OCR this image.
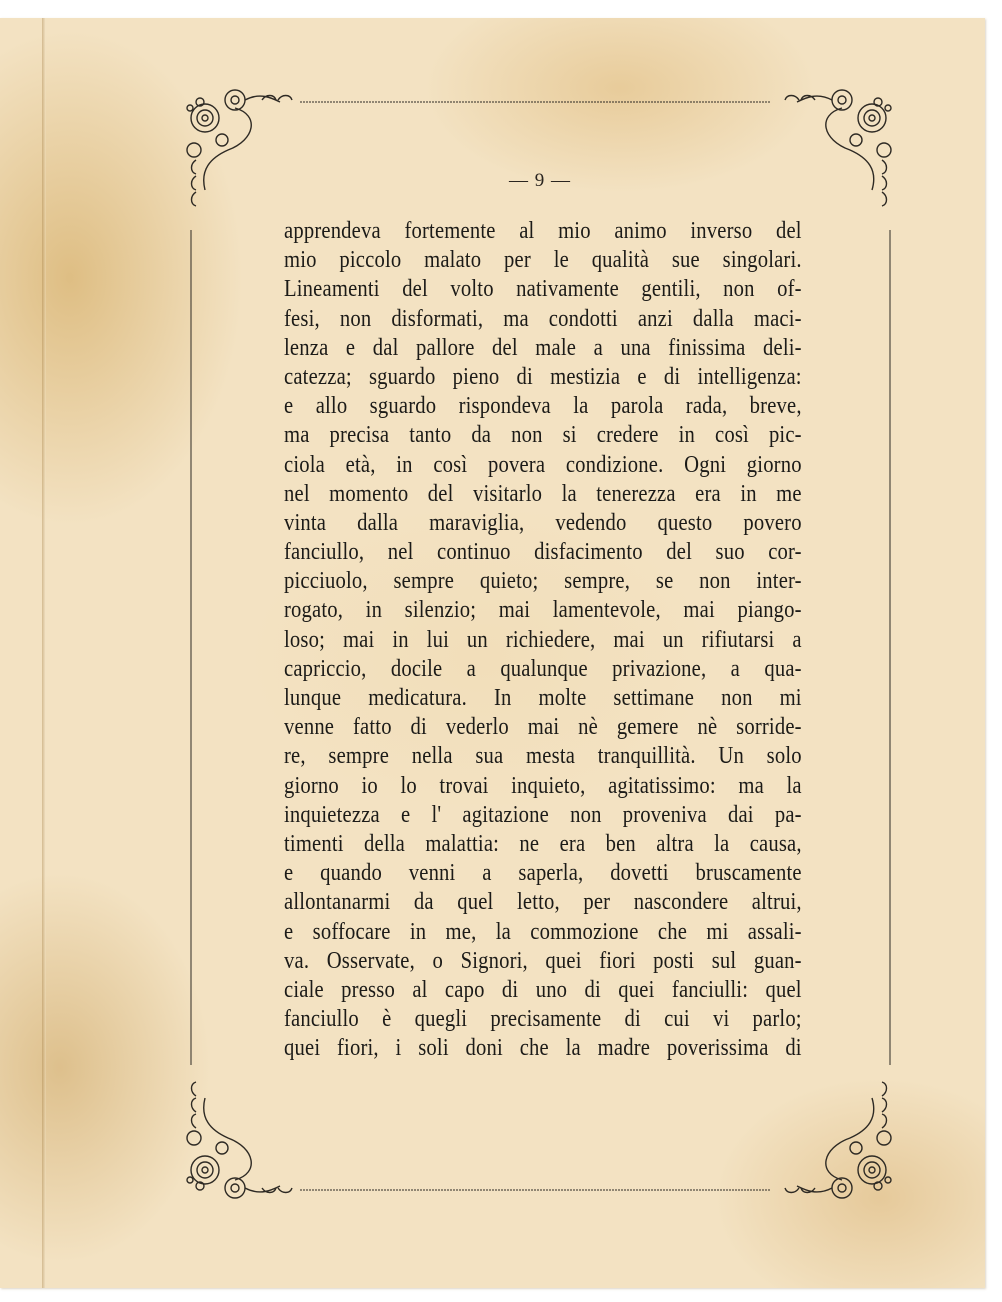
— 9 —
apprendeva fortemente al mio animo inverso del
mio piccolo malato per le qualità sue singolari.
Lineamenti del volto nativamente gentili, non of-
fesi, non disformati, ma condotti anzi dalla maci-
lenza e dal pallore del male a una finissima deli-
catezza; sguardo pieno di mestizia e di intelligenza:
e allo sguardo rispondeva la parola rada, breve,
ma precisa tanto da non si credere in così pic-
ciola età, in così povera condizione. Ogni giorno
nel momento del visitarlo la tenerezza era in me
vinta dalla maraviglia, vedendo questo povero
fanciullo, nel continuo disfacimento del suo cor-
picciuolo, sempre quieto; sempre, se non inter-
rogato, in silenzio; mai lamentevole, mai piango-
loso; mai in lui un richiedere, mai un rifiutarsi a
capriccio, docile a qualunque privazione, a qua-
lunque medicatura. In molte settimane non mi
venne fatto di vederlo mai nè gemere nè sorride-
re, sempre nella sua mesta tranquillità. Un solo
giorno io lo trovai inquieto, agitatissimo: ma la
inquietezza e l' agitazione non proveniva dai pa-
timenti della malattia: ne era ben altra la causa,
e quando venni a saperla, dovetti bruscamente
allontanarmi da quel letto, per nascondere altrui,
e soffocare in me, la commozione che mi assali-
va. Osservate, o Signori, quei fiori posti sul guan-
ciale presso al capo di uno di quei fanciulli: quel
fanciullo è quegli precisamente di cui vi parlo;
quei fiori, i soli doni che la madre poverissima di
